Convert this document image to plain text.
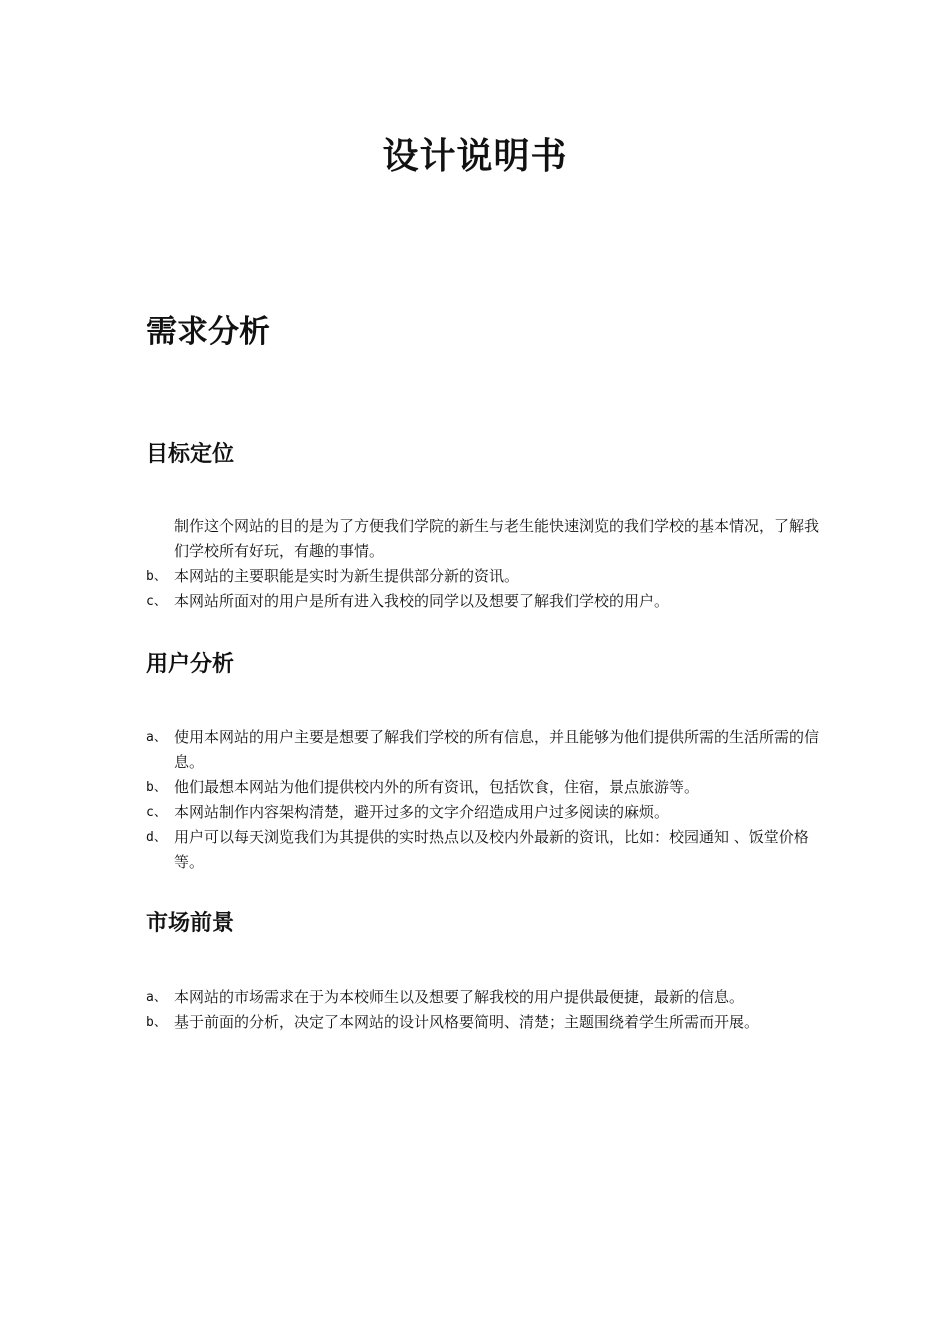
设计说明书
需求分析
目标定位
制作这个网站的目的是为了方便我们学院的新生与老生能快速浏览的我们学校的基本情况，了解我们学校所有好玩，有趣的事情。
b、 本网站的主要职能是实时为新生提供部分新的资讯。
c、 本网站所面对的用户是所有进入我校的同学以及想要了解我们学校的用户。
用户分析
a、 使用本网站的用户主要是想要了解我们学校的所有信息，并且能够为他们提供所需的生活所需的信息。
b、 他们最想本网站为他们提供校内外的所有资讯，包括饮食，住宿，景点旅游等。
c、 本网站制作内容架构清楚，避开过多的文字介绍造成用户过多阅读的麻烦。
d、 用户可以每天浏览我们为其提供的实时热点以及校内外最新的资讯，比如：校园通知 、饭堂价格等。
市场前景
a、 本网站的市场需求在于为本校师生以及想要了解我校的用户提供最便捷，最新的信息。
b、 基于前面的分析，决定了本网站的设计风格要简明、清楚；主题围绕着学生所需而开展。
